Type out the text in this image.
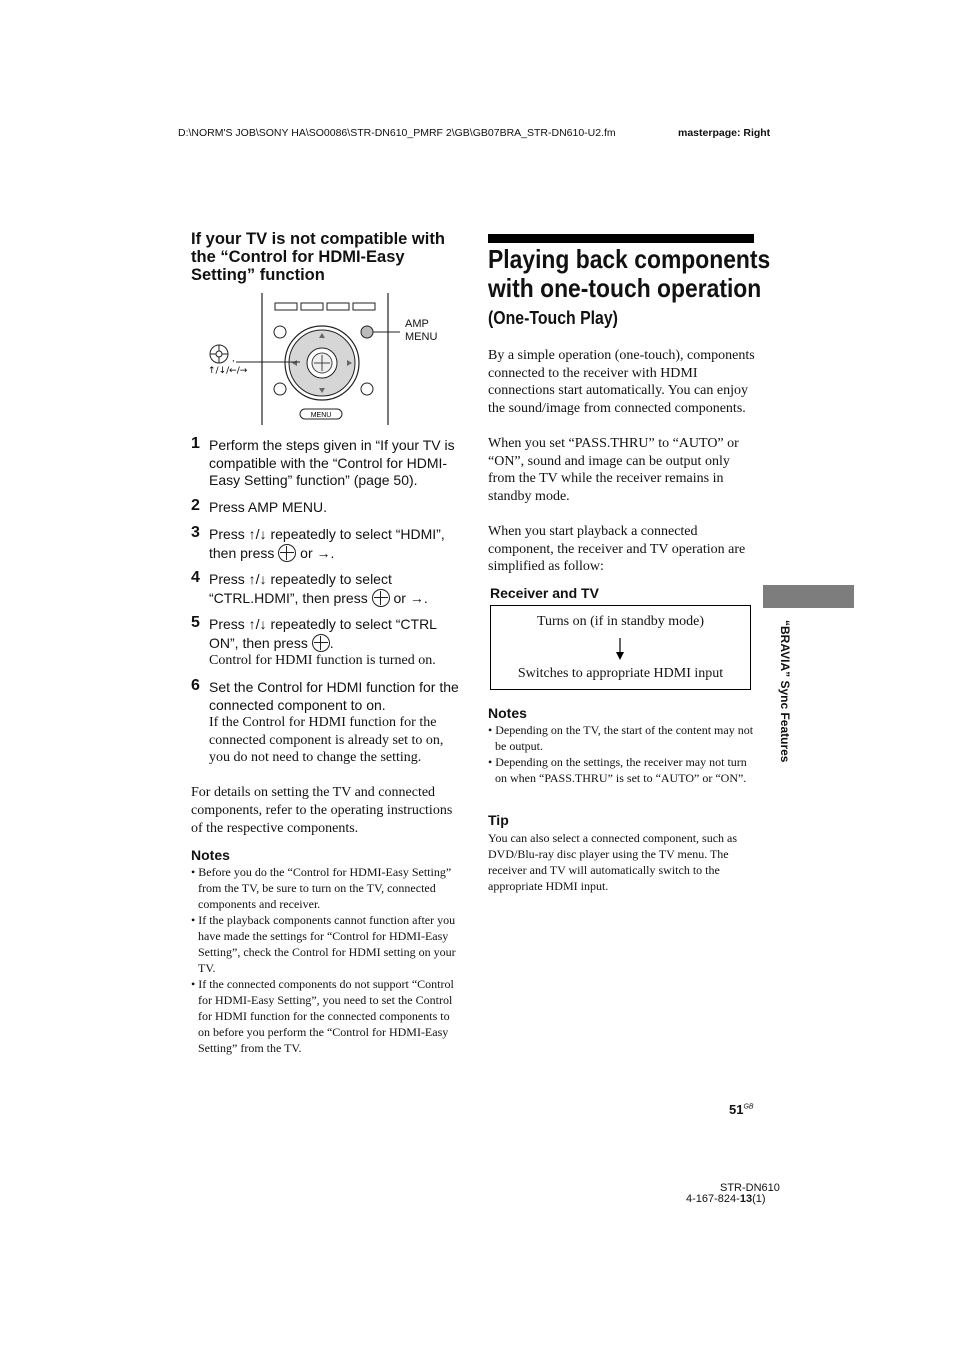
D:\NORM'S JOB\SONY HA\SO0086\STR-DN610_PMRF 2\GB\GB07BRA_STR-DN610-U2.fm	masterpage: Right
If your TV is not compatible with the “Control for HDMI-Easy Setting” function
MENU
,
↑/↓/←/→
AMP
MENU
1 Perform the steps given in “If your TV is compatible with the “Control for HDMI-Easy Setting” function” (page 50).
2 Press AMP MENU.
3 Press ↑/↓ repeatedly to select “HDMI”, then press or →.
4 Press ↑/↓ repeatedly to select “CTRL.HDMI”, then press or →.
5 Press ↑/↓ repeatedly to select “CTRL ON”, then press .
Control for HDMI function is turned on.
6 Set the Control for HDMI function for the connected component to on.
If the Control for HDMI function for the connected component is already set to on, you do not need to change the setting.
For details on setting the TV and connected components, refer to the operating instructions of the respective components.
Notes
• Before you do the “Control for HDMI-Easy Setting” from the TV, be sure to turn on the TV, connected components and receiver.
• If the playback components cannot function after you have made the settings for “Control for HDMI-Easy Setting”, check the Control for HDMI setting on your TV.
• If the connected components do not support “Control for HDMI-Easy Setting”, you need to set the Control for HDMI function for the connected components to on before you perform the “Control for HDMI-Easy Setting” from the TV.
Playing back components
with one-touch operation
(One-Touch Play)
By a simple operation (one-touch), components connected to the receiver with HDMI connections start automatically. You can enjoy the sound/image from connected components.
When you set “PASS.THRU” to “AUTO” or “ON”, sound and image can be output only from the TV while the receiver remains in standby mode.
When you start playback a connected component, the receiver and TV operation are simplified as follow:
Receiver and TV
Turns on (if in standby mode)
Switches to appropriate HDMI input
Notes
• Depending on the TV, the start of the content may not be output.
• Depending on the settings, the receiver may not turn on when “PASS.THRU” is set to “AUTO” or “ON”.
Tip
You can also select a connected component, such as DVD/Blu-ray disc player using the TV menu. The receiver and TV will automatically switch to the appropriate HDMI input.
“BRAVIA” Sync Features
$51^{GB}$
STR-DN610
4-167-824-13(1)
